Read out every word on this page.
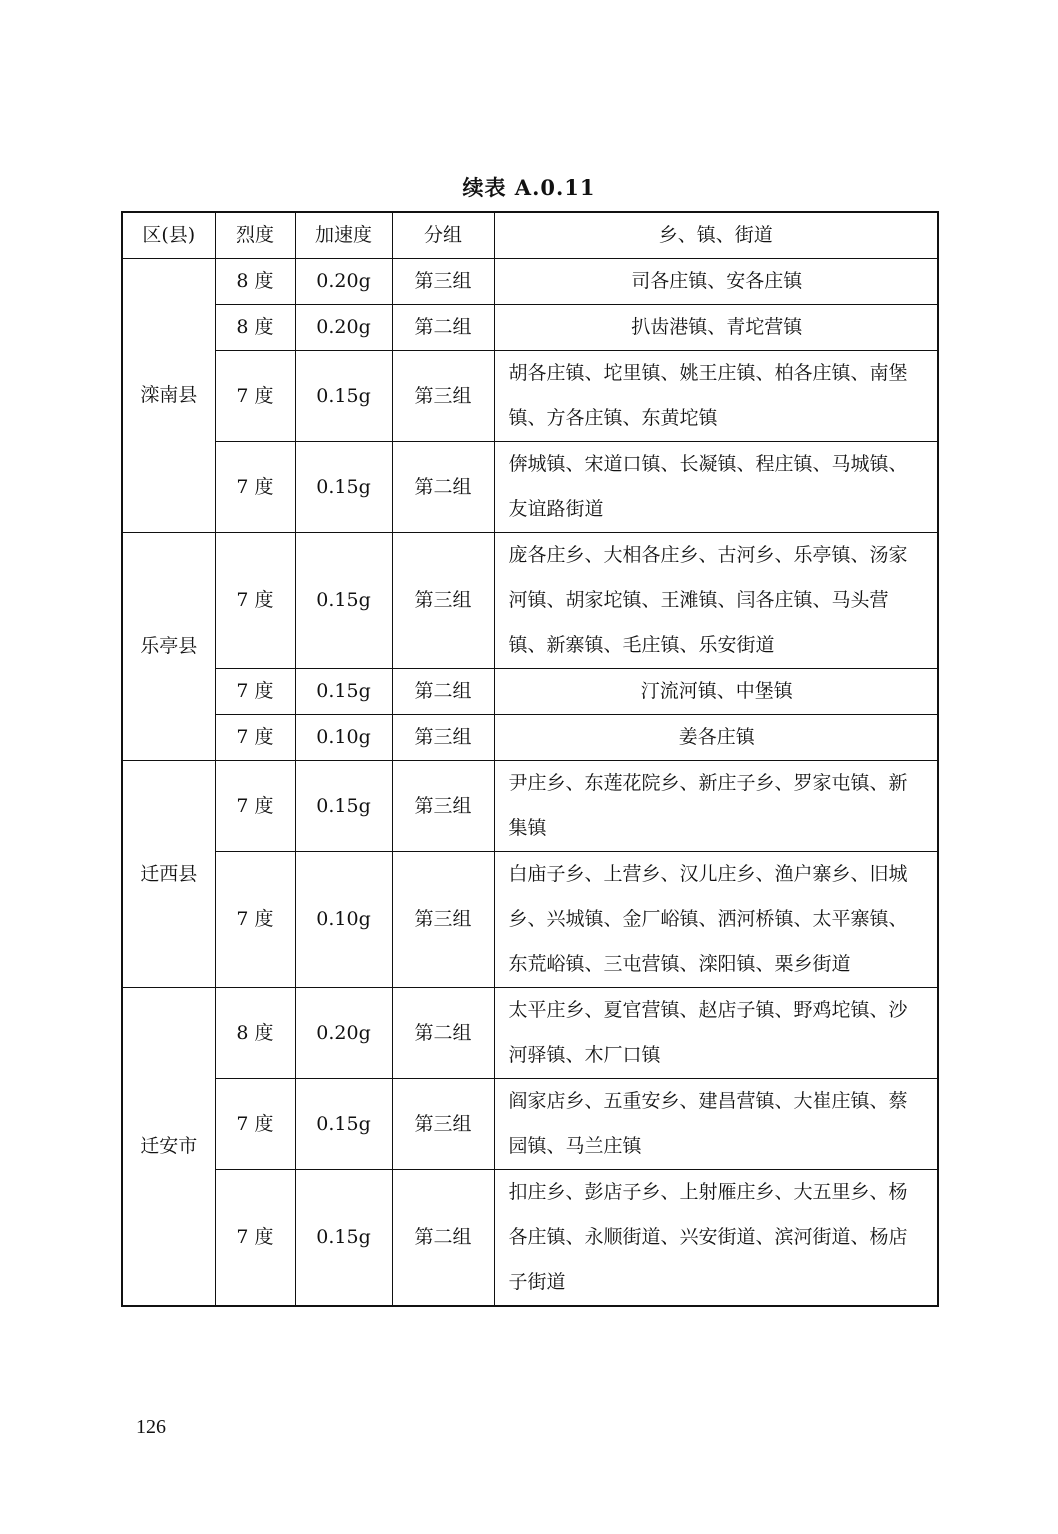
续表 A.0.11
区(县)	烈度	加速度	分组	乡、镇、街道
滦南县	8 度	0.20g	第三组	司各庄镇、安各庄镇
	8 度	0.20g	第二组	扒齿港镇、青坨营镇
	7 度	0.15g	第三组	胡各庄镇、坨里镇、姚王庄镇、柏各庄镇、南堡镇、方各庄镇、东黄坨镇
	7 度	0.15g	第二组	倴城镇、宋道口镇、长凝镇、程庄镇、马城镇、友谊路街道
乐亭县	7 度	0.15g	第三组	庞各庄乡、大相各庄乡、古河乡、乐亭镇、汤家河镇、胡家坨镇、王滩镇、闫各庄镇、马头营镇、新寨镇、毛庄镇、乐安街道
	7 度	0.15g	第二组	汀流河镇、中堡镇
	7 度	0.10g	第三组	姜各庄镇
迁西县	7 度	0.15g	第三组	尹庄乡、东莲花院乡、新庄子乡、罗家屯镇、新集镇
	7 度	0.10g	第三组	白庙子乡、上营乡、汉儿庄乡、渔户寨乡、旧城乡、兴城镇、金厂峪镇、洒河桥镇、太平寨镇、东荒峪镇、三屯营镇、滦阳镇、栗乡街道
迁安市	8 度	0.20g	第二组	太平庄乡、夏官营镇、赵店子镇、野鸡坨镇、沙河驿镇、木厂口镇
	7 度	0.15g	第三组	阎家店乡、五重安乡、建昌营镇、大崔庄镇、蔡园镇、马兰庄镇
	7 度	0.15g	第二组	扣庄乡、彭店子乡、上射雁庄乡、大五里乡、杨各庄镇、永顺街道、兴安街道、滨河街道、杨店子街道
126
